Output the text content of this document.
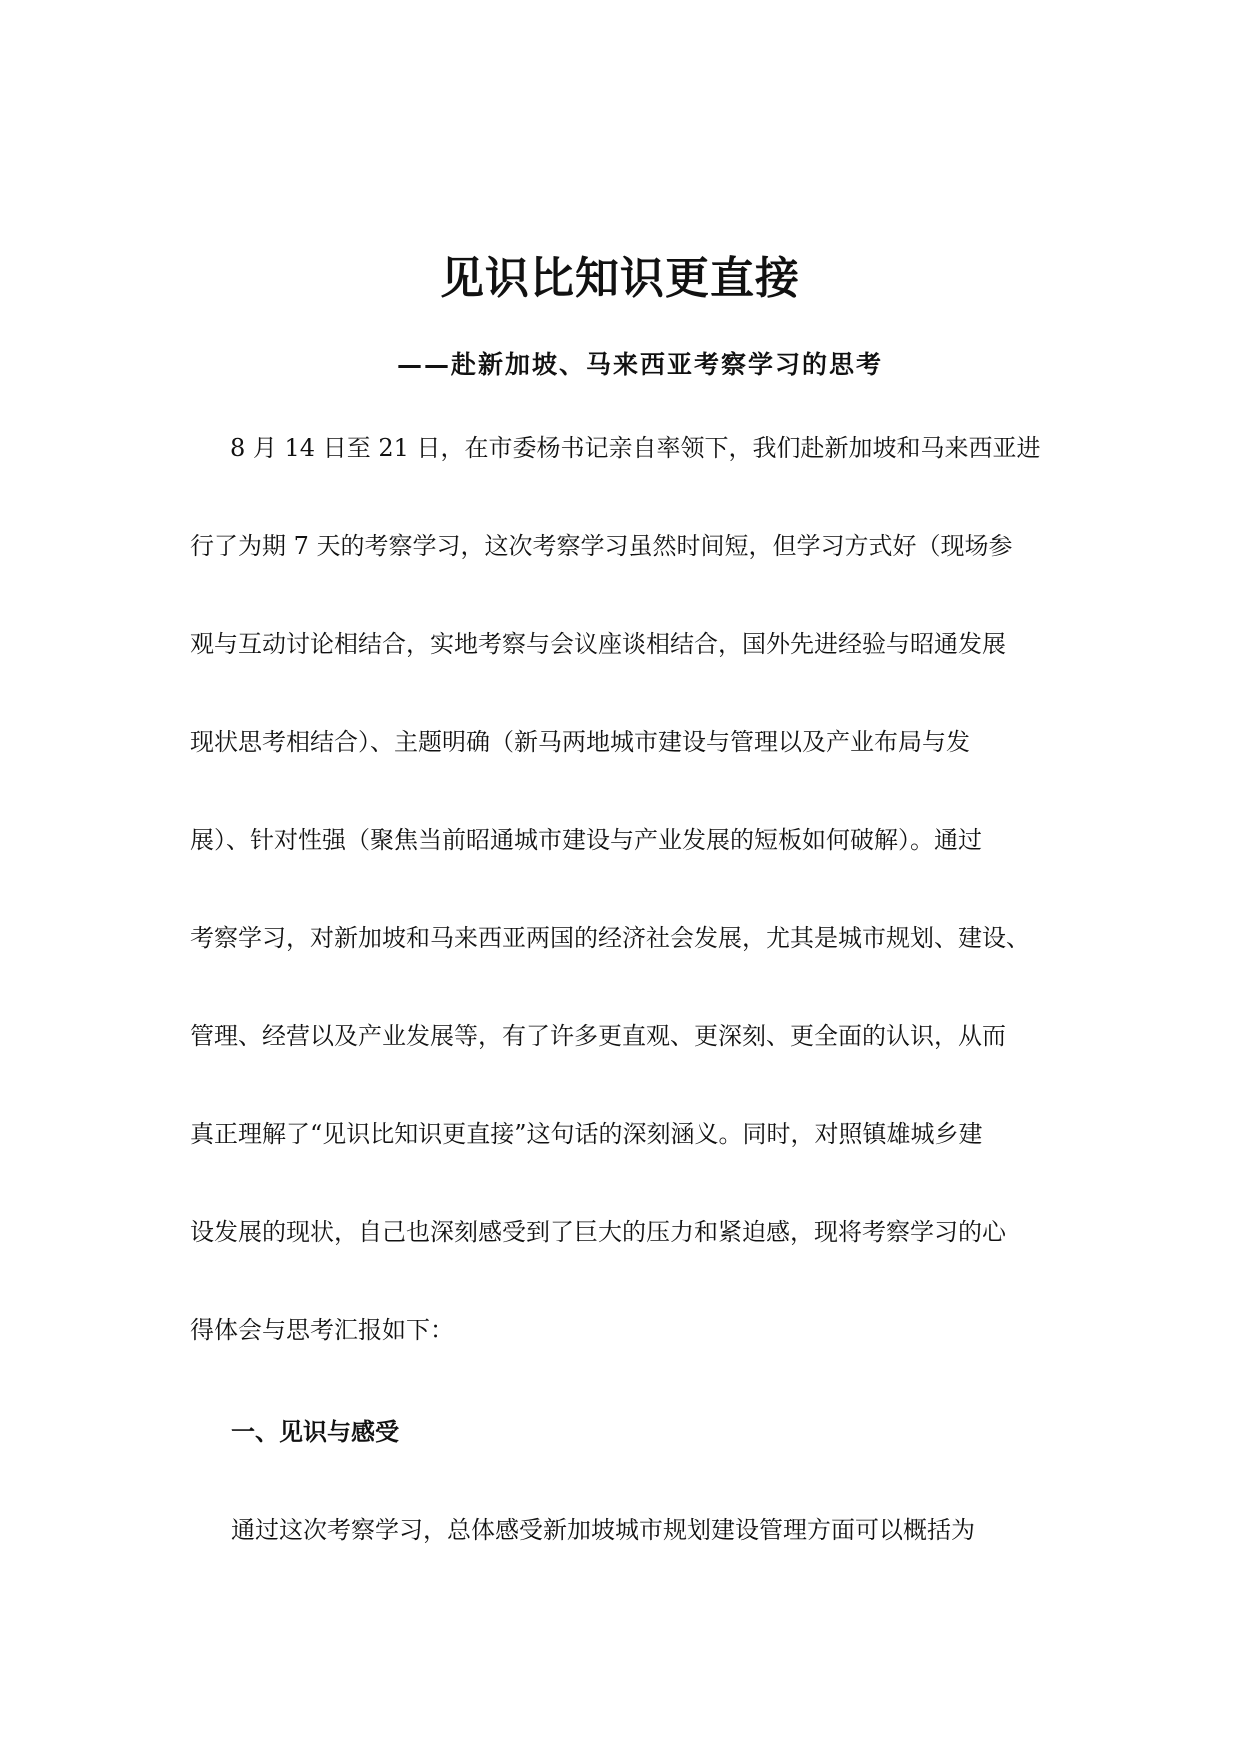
见识比知识更直接
——赴新加坡、马来西亚考察学习的思考
8 月 14 日至 21 日，在市委杨书记亲自率领下，我们赴新加坡和马来西亚进
行了为期 7 天的考察学习，这次考察学习虽然时间短，但学习方式好（现场参
观与互动讨论相结合，实地考察与会议座谈相结合，国外先进经验与昭通发展
现状思考相结合）、主题明确（新马两地城市建设与管理以及产业布局与发
展）、针对性强（聚焦当前昭通城市建设与产业发展的短板如何破解）。通过
考察学习，对新加坡和马来西亚两国的经济社会发展，尤其是城市规划、建设、
管理、经营以及产业发展等，有了许多更直观、更深刻、更全面的认识，从而
真正理解了“见识比知识更直接”这句话的深刻涵义。同时，对照镇雄城乡建
设发展的现状，自己也深刻感受到了巨大的压力和紧迫感，现将考察学习的心
得体会与思考汇报如下：
一、见识与感受

通过这次考察学习，总体感受新加坡城市规划建设管理方面可以概括为
